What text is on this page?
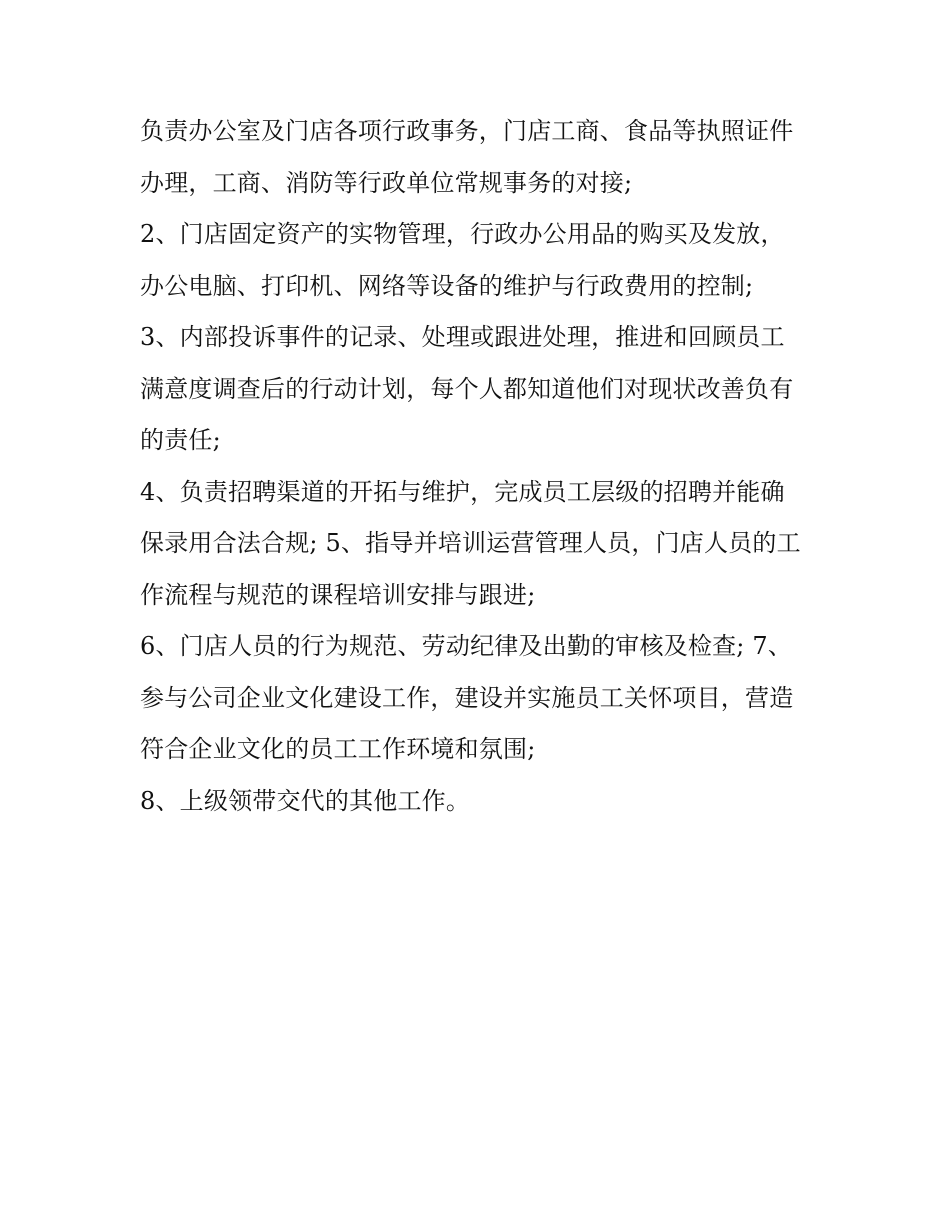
负责办公室及门店各项行政事务，门店工商、食品等执照证件
办理，工商、消防等行政单位常规事务的对接;
2、门店固定资产的实物管理，行政办公用品的购买及发放，
办公电脑、打印机、网络等设备的维护与行政费用的控制;
3、内部投诉事件的记录、处理或跟进处理，推进和回顾员工
满意度调查后的行动计划，每个人都知道他们对现状改善负有
的责任;
4、负责招聘渠道的开拓与维护，完成员工层级的招聘并能确
保录用合法合规; 5、指导并培训运营管理人员，门店人员的工
作流程与规范的课程培训安排与跟进;
6、门店人员的行为规范、劳动纪律及出勤的审核及检查; 7、
参与公司企业文化建设工作，建设并实施员工关怀项目，营造
符合企业文化的员工工作环境和氛围;
8、上级领带交代的其他工作。
